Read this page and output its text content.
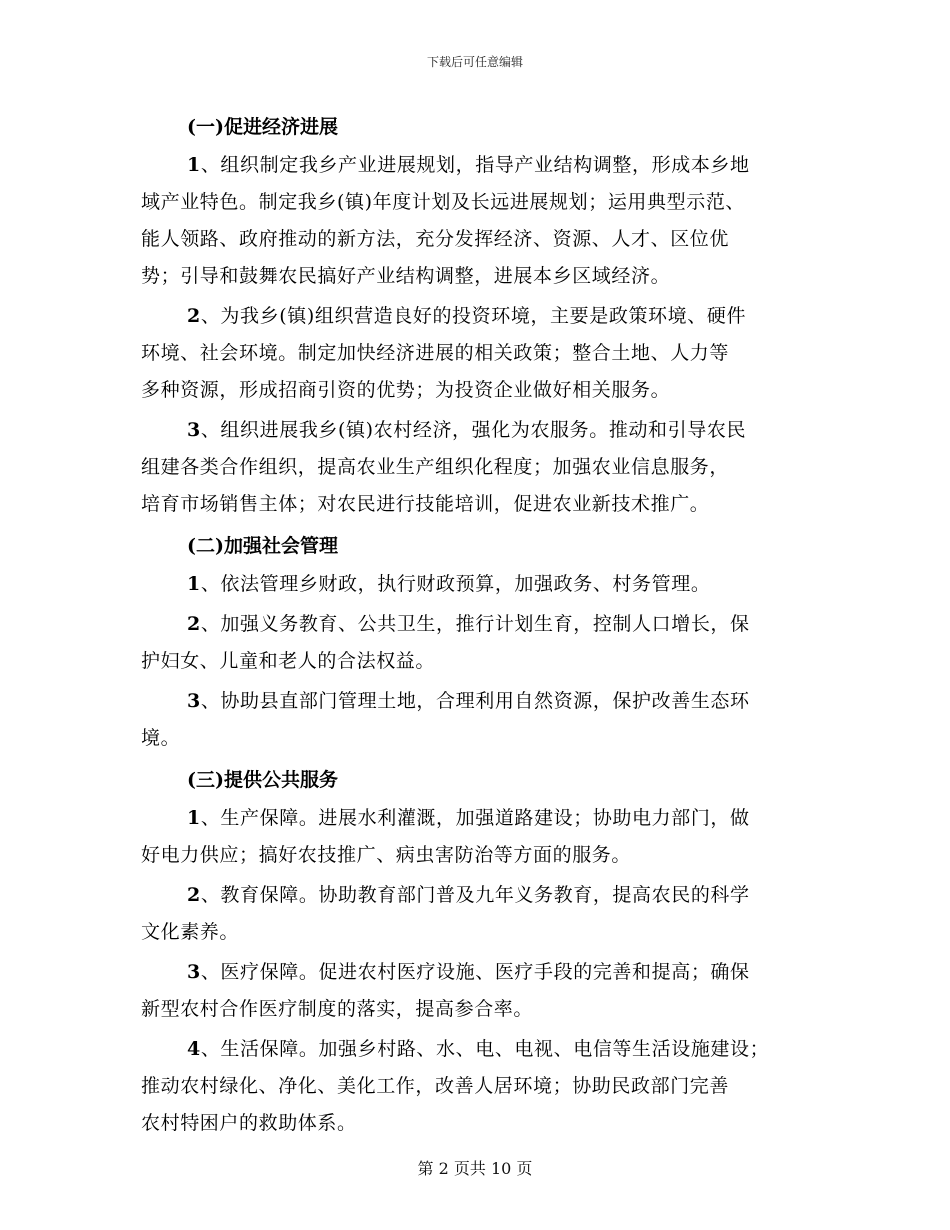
下载后可任意编辑
(一)促进经济进展

1、组织制定我乡产业进展规划，指导产业结构调整，形成本乡地
域产业特色。制定我乡(镇)年度计划及长远进展规划；运用典型示范、
能人领路、政府推动的新方法，充分发挥经济、资源、人才、区位优
势；引导和鼓舞农民搞好产业结构调整，进展本乡区域经济。

2、为我乡(镇)组织营造良好的投资环境，主要是政策环境、硬件
环境、社会环境。制定加快经济进展的相关政策；整合土地、人力等
多种资源，形成招商引资的优势；为投资企业做好相关服务。

3、组织进展我乡(镇)农村经济，强化为农服务。推动和引导农民
组建各类合作组织，提高农业生产组织化程度；加强农业信息服务，
培育市场销售主体；对农民进行技能培训，促进农业新技术推广。

(二)加强社会管理

1、依法管理乡财政，执行财政预算，加强政务、村务管理。

2、加强义务教育、公共卫生，推行计划生育，控制人口增长，保
护妇女、儿童和老人的合法权益。

3、协助县直部门管理土地，合理利用自然资源，保护改善生态环
境。

(三)提供公共服务

1、生产保障。进展水利灌溉，加强道路建设；协助电力部门，做
好电力供应；搞好农技推广、病虫害防治等方面的服务。

2、教育保障。协助教育部门普及九年义务教育，提高农民的科学
文化素养。

3、医疗保障。促进农村医疗设施、医疗手段的完善和提高；确保
新型农村合作医疗制度的落实，提高参合率。

4、生活保障。加强乡村路、水、电、电视、电信等生活设施建设；
推动农村绿化、净化、美化工作，改善人居环境；协助民政部门完善
农村特困户的救助体系。

第 2 页共 10 页
